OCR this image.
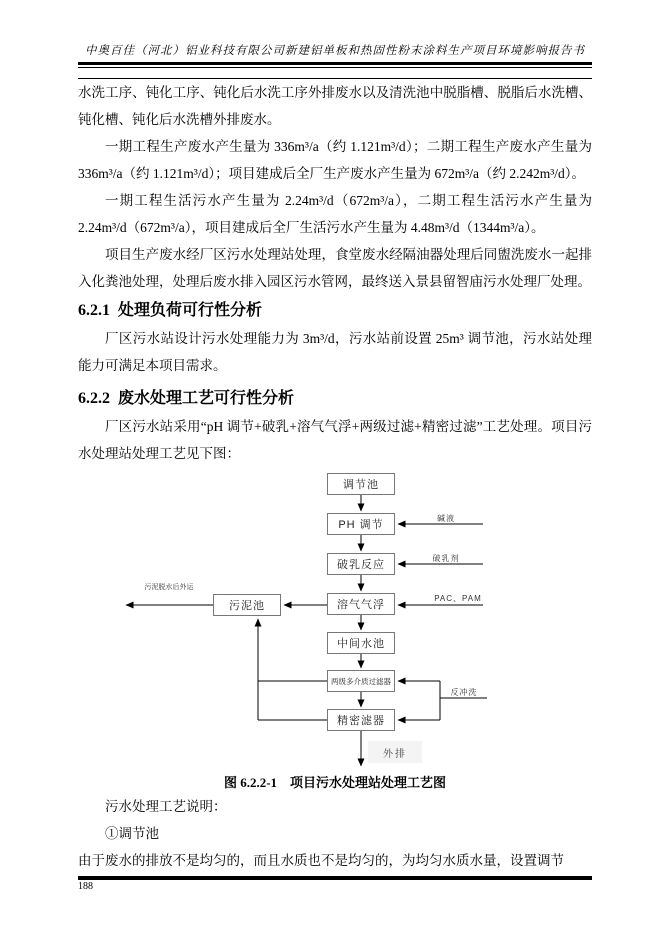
中奥百佳（河北）铝业科技有限公司新建铝单板和热固性粉末涂料生产项目环境影响报告书

水洗工序、钝化工序、钝化后水洗工序外排废水以及清洗池中脱脂槽、脱脂后水洗槽、钝化槽、钝化后水洗槽外排废水。

一期工程生产废水产生量为 336m³/a（约 1.121m³/d）；二期工程生产废水产生量为 336m³/a（约 1.121m³/d）；项目建成后全厂生产废水产生量为 672m³/a（约 2.242m³/d）。

一期工程生活污水产生量为 2.24m³/d（672m³/a），二期工程生活污水产生量为 2.24m³/d（672m³/a），项目建成后全厂生活污水产生量为 4.48m³/d（1344m³/a）。

项目生产废水经厂区污水处理站处理，食堂废水经隔油器处理后同盥洗废水一起排入化粪池处理，处理后废水排入园区污水管网，最终送入景县留智庙污水处理厂处理。

6.2.1 处理负荷可行性分析

厂区污水站设计污水处理能力为 3m³/d，污水站前设置 25m³ 调节池，污水站处理能力可满足本项目需求。

6.2.2 废水处理工艺可行性分析

厂区污水站采用“pH 调节+破乳+溶气气浮+两级过滤+精密过滤”工艺处理。项目污水处理站处理工艺见下图：

调节池
PH 调节
破乳反应
溶气气浮
污泥池
中间水池
两级多介质过滤器
精密滤器
污泥脱水后外运
碱液
破乳剂
PAC、PAM
反冲洗
外排
图 6.2.2-1　项目污水处理站处理工艺图

污水处理工艺说明：

①调节池

由于废水的排放不是均匀的，而且水质也不是均匀的，为均匀水质水量，设置调节

188
